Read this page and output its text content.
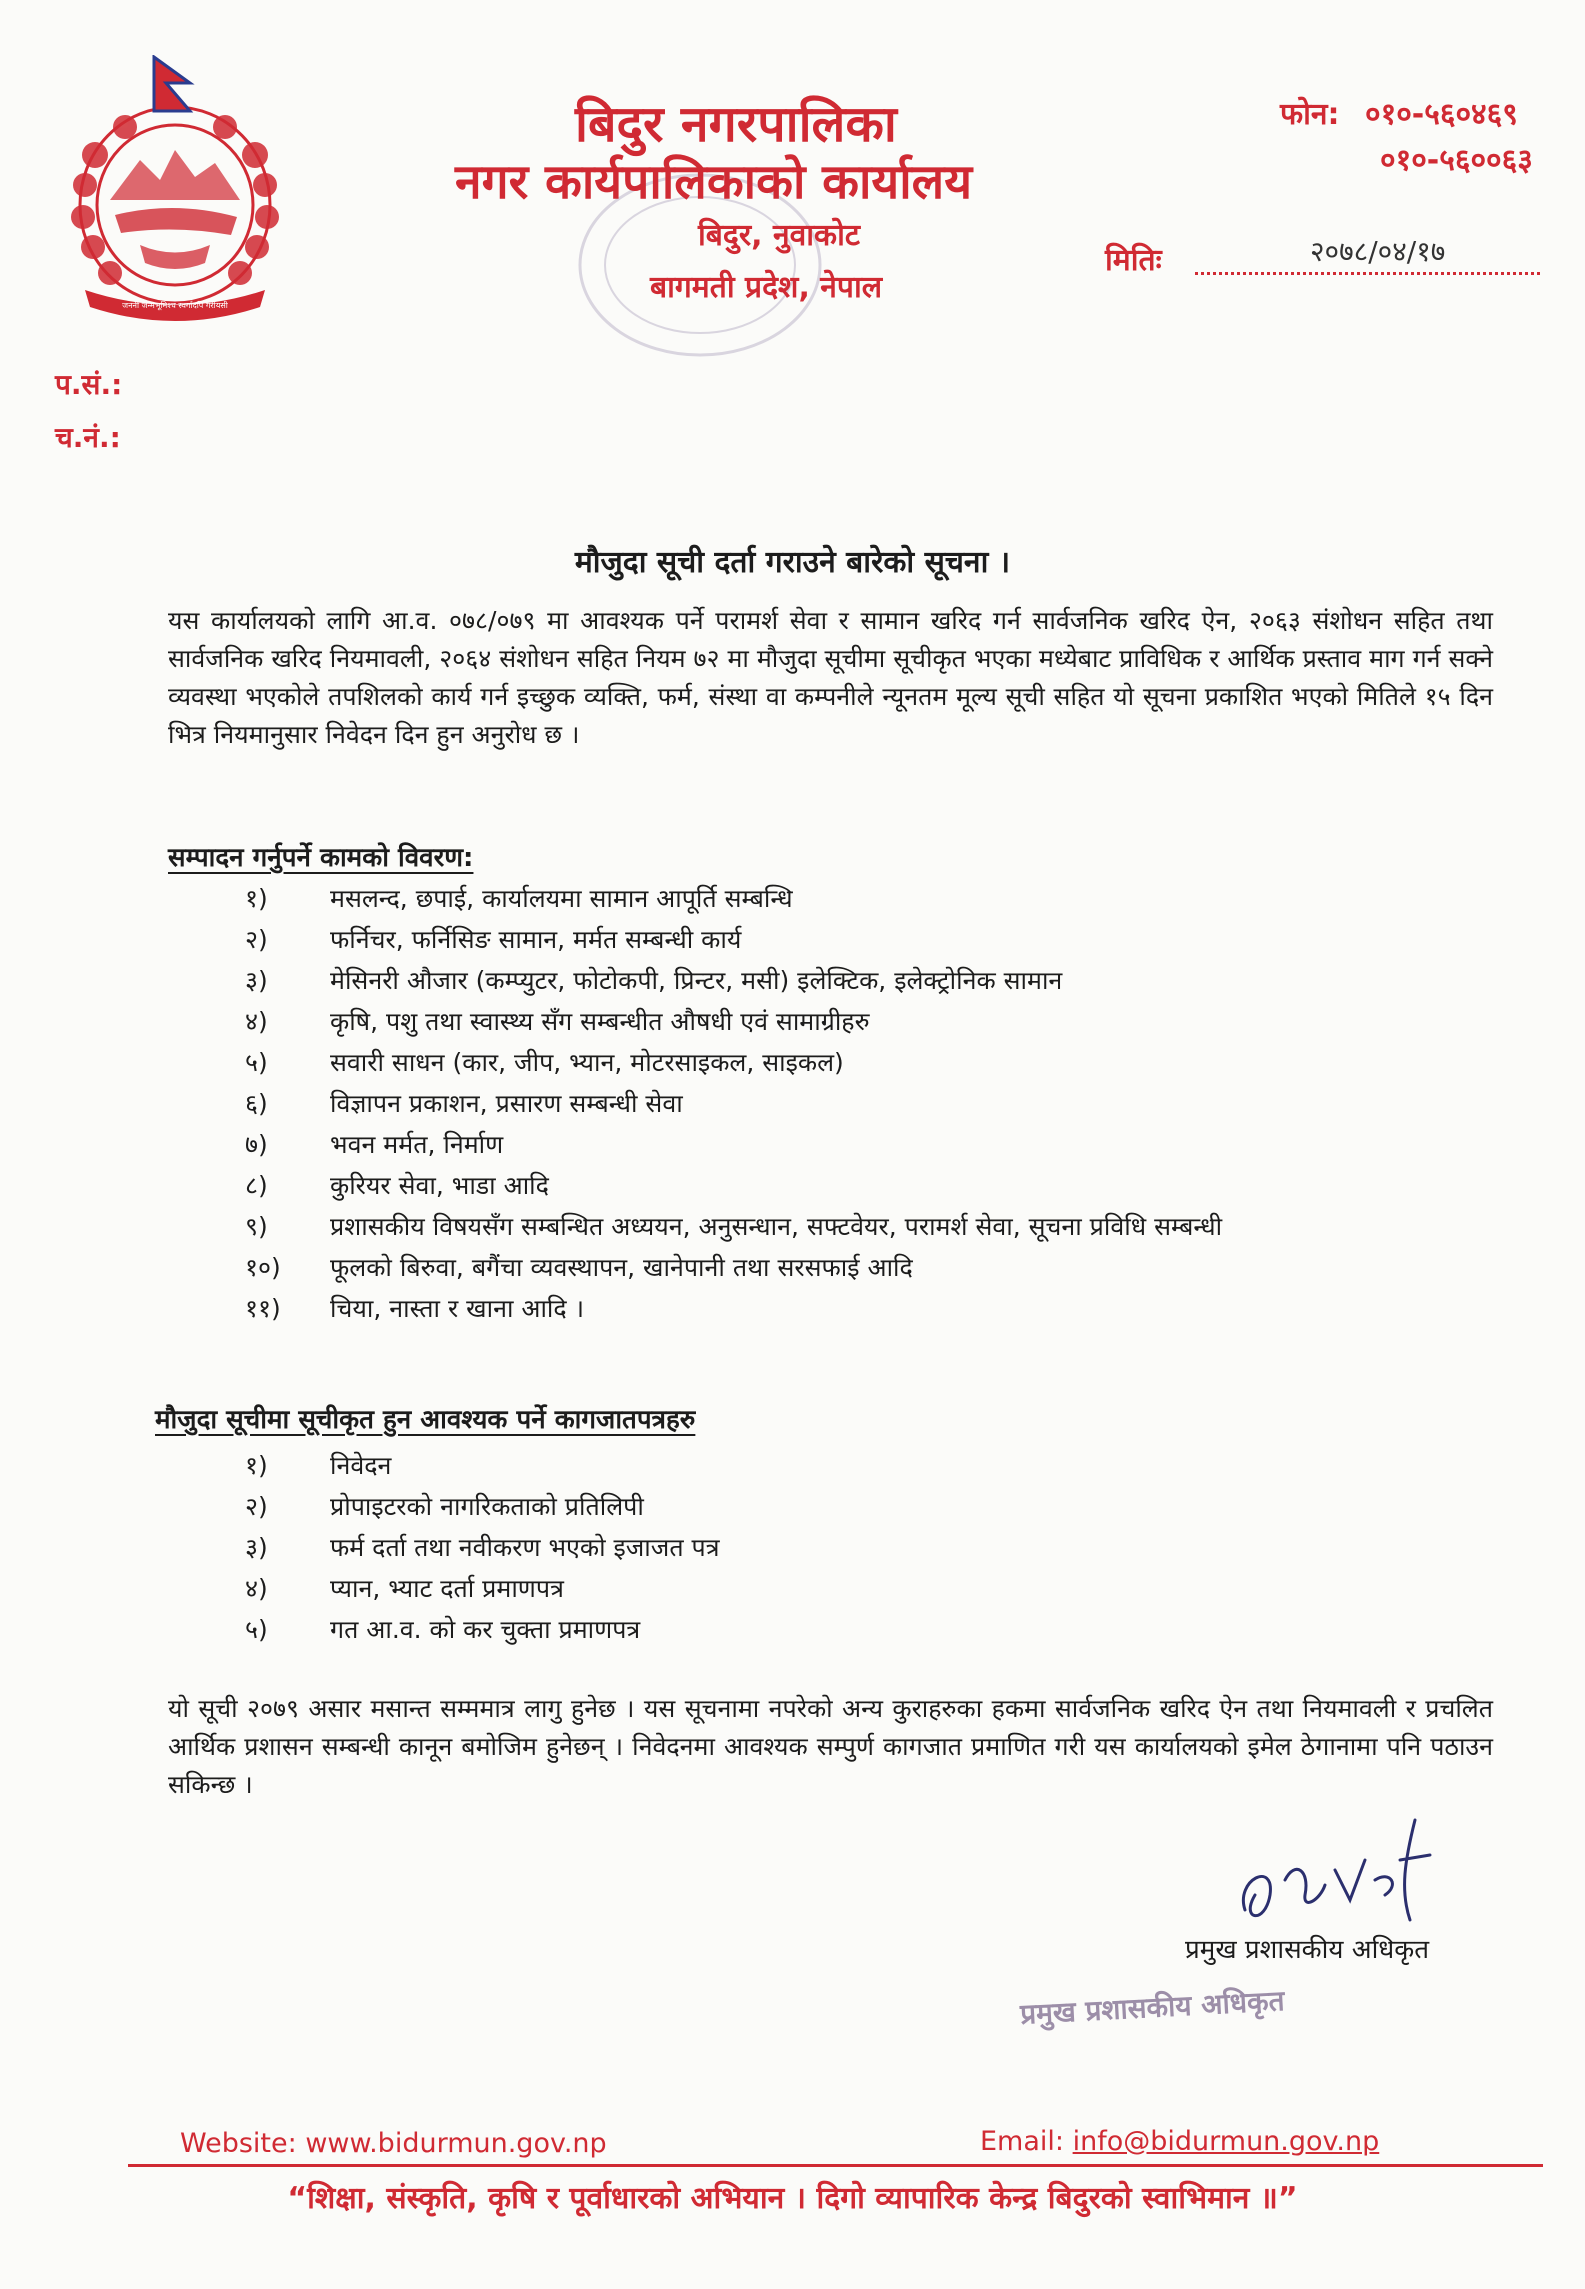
जननी जन्मभूमिश्च स्वर्गादपि गरीयसी
बिदुर नगरपालिका
नगर कार्यपालिकाको कार्यालय
बिदुर, नुवाकोट
बागमती प्रदेश, नेपाल
फोन: ०१०-५६०४६९
०१०-५६००६३
मितिः	२०७८/०४/१७
प.सं.:
च.नं.:
मौजुदा सूची दर्ता गराउने बारेको सूचना ।
यस कार्यालयको लागि आ.व. ०७८/०७९ मा आवश्यक पर्ने परामर्श सेवा र सामान खरिद गर्न सार्वजनिक खरिद ऐन, २०६३ संशोधन सहित तथा सार्वजनिक खरिद नियमावली, २०६४ संशोधन सहित नियम ७२ मा मौजुदा सूचीमा सूचीकृत भएका मध्येबाट प्राविधिक र आर्थिक प्रस्ताव माग गर्न सक्ने व्यवस्था भएकोले तपशिलको कार्य गर्न इच्छुक व्यक्ति, फर्म, संस्था वा कम्पनीले न्यूनतम मूल्य सूची सहित यो सूचना प्रकाशित भएको मितिले १५ दिन भित्र नियमानुसार निवेदन दिन हुन अनुरोध छ ।
सम्पादन गर्नुपर्ने कामको विवरण:
१) मसलन्द, छपाई, कार्यालयमा सामान आपूर्ति सम्बन्धि
२) फर्निचर, फर्निसिङ सामान, मर्मत सम्बन्धी कार्य
३) मेसिनरी औजार (कम्प्युटर, फोटोकपी, प्रिन्टर, मसी) इलेक्टिक, इलेक्ट्रोनिक सामान
४) कृषि, पशु तथा स्वास्थ्य सँग सम्बन्धीत औषधी एवं सामाग्रीहरु
५) सवारी साधन (कार, जीप, भ्यान, मोटरसाइकल, साइकल)
६) विज्ञापन प्रकाशन, प्रसारण सम्बन्धी सेवा
७) भवन मर्मत, निर्माण
८) कुरियर सेवा, भाडा आदि
९) प्रशासकीय विषयसँग सम्बन्धित अध्ययन, अनुसन्धान, सफ्टवेयर, परामर्श सेवा, सूचना प्रविधि सम्बन्धी
१०) फूलको बिरुवा, बगैंचा व्यवस्थापन, खानेपानी तथा सरसफाई आदि
११) चिया, नास्ता र खाना आदि ।
मौजुदा सूचीमा सूचीकृत हुन आवश्यक पर्ने कागजातपत्रहरु
१) निवेदन
२) प्रोपाइटरको नागरिकताको प्रतिलिपी
३) फर्म दर्ता तथा नवीकरण भएको इजाजत पत्र
४) प्यान, भ्याट दर्ता प्रमाणपत्र
५) गत आ.व. को कर चुक्ता प्रमाणपत्र
यो सूची २०७९ असार मसान्त सम्ममात्र लागु हुनेछ । यस सूचनामा नपरेको अन्य कुराहरुका हकमा सार्वजनिक खरिद ऐन तथा नियमावली र प्रचलित आर्थिक प्रशासन सम्बन्धी कानून बमोजिम हुनेछन् । निवेदनमा आवश्यक सम्पुर्ण कागजात प्रमाणित गरी यस कार्यालयको इमेल ठेगानामा पनि पठाउन सकिन्छ ।
प्रमुख प्रशासकीय अधिकृत
प्रमुख प्रशासकीय अधिकृत
Website: www.bidurmun.gov.np	Email: info@bidurmun.gov.np
“शिक्षा, संस्कृति, कृषि र पूर्वाधारको अभियान । दिगो व्यापारिक केन्द्र बिदुरको स्वाभिमान ॥”
